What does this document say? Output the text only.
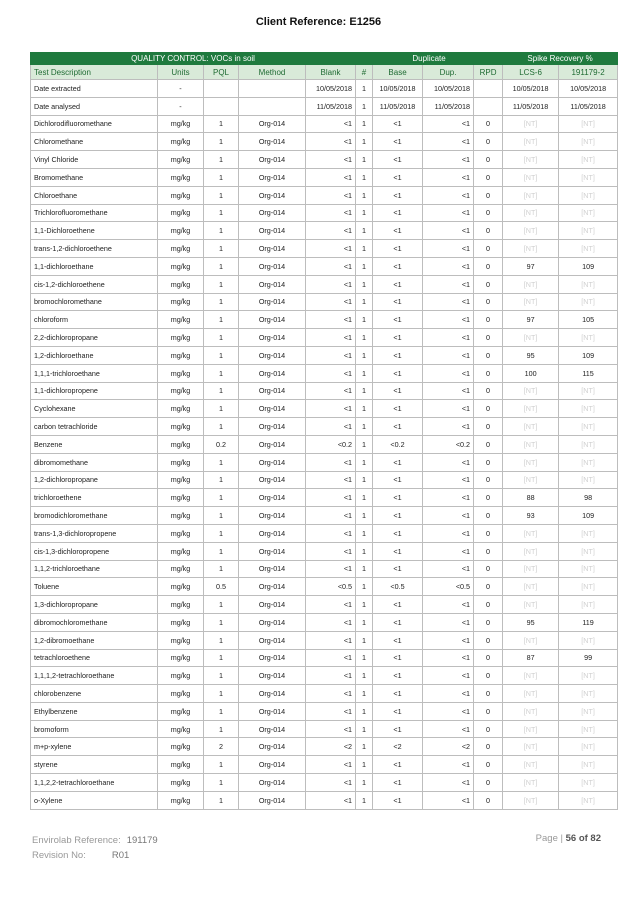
Client Reference: E1256
QUALITY CONTROL: VOCs in soil					Duplicate				Spike Recovery %	
Test Description	Units	PQL	Method	Blank	#	Base	Dup.	RPD	LCS-6	191179-2
Date extracted	-			10/05/2018	1	10/05/2018	10/05/2018		10/05/2018	10/05/2018
Date analysed	-			11/05/2018	1	11/05/2018	11/05/2018		11/05/2018	11/05/2018
Dichlorodifluoromethane	mg/kg	1	Org-014	<1	1	<1	<1	0	[NT]	[NT]
Chloromethane	mg/kg	1	Org-014	<1	1	<1	<1	0	[NT]	[NT]
Vinyl Chloride	mg/kg	1	Org-014	<1	1	<1	<1	0	[NT]	[NT]
Bromomethane	mg/kg	1	Org-014	<1	1	<1	<1	0	[NT]	[NT]
Chloroethane	mg/kg	1	Org-014	<1	1	<1	<1	0	[NT]	[NT]
Trichlorofluoromethane	mg/kg	1	Org-014	<1	1	<1	<1	0	[NT]	[NT]
1,1-Dichloroethene	mg/kg	1	Org-014	<1	1	<1	<1	0	[NT]	[NT]
trans-1,2-dichloroethene	mg/kg	1	Org-014	<1	1	<1	<1	0	[NT]	[NT]
1,1-dichloroethane	mg/kg	1	Org-014	<1	1	<1	<1	0	97	109
cis-1,2-dichloroethene	mg/kg	1	Org-014	<1	1	<1	<1	0	[NT]	[NT]
bromochloromethane	mg/kg	1	Org-014	<1	1	<1	<1	0	[NT]	[NT]
chloroform	mg/kg	1	Org-014	<1	1	<1	<1	0	97	105
2,2-dichloropropane	mg/kg	1	Org-014	<1	1	<1	<1	0	[NT]	[NT]
1,2-dichloroethane	mg/kg	1	Org-014	<1	1	<1	<1	0	95	109
1,1,1-trichloroethane	mg/kg	1	Org-014	<1	1	<1	<1	0	100	115
1,1-dichloropropene	mg/kg	1	Org-014	<1	1	<1	<1	0	[NT]	[NT]
Cyclohexane	mg/kg	1	Org-014	<1	1	<1	<1	0	[NT]	[NT]
carbon tetrachloride	mg/kg	1	Org-014	<1	1	<1	<1	0	[NT]	[NT]
Benzene	mg/kg	0.2	Org-014	<0.2	1	<0.2	<0.2	0	[NT]	[NT]
dibromomethane	mg/kg	1	Org-014	<1	1	<1	<1	0	[NT]	[NT]
1,2-dichloropropane	mg/kg	1	Org-014	<1	1	<1	<1	0	[NT]	[NT]
trichloroethene	mg/kg	1	Org-014	<1	1	<1	<1	0	88	98
bromodichloromethane	mg/kg	1	Org-014	<1	1	<1	<1	0	93	109
trans-1,3-dichloropropene	mg/kg	1	Org-014	<1	1	<1	<1	0	[NT]	[NT]
cis-1,3-dichloropropene	mg/kg	1	Org-014	<1	1	<1	<1	0	[NT]	[NT]
1,1,2-trichloroethane	mg/kg	1	Org-014	<1	1	<1	<1	0	[NT]	[NT]
Toluene	mg/kg	0.5	Org-014	<0.5	1	<0.5	<0.5	0	[NT]	[NT]
1,3-dichloropropane	mg/kg	1	Org-014	<1	1	<1	<1	0	[NT]	[NT]
dibromochloromethane	mg/kg	1	Org-014	<1	1	<1	<1	0	95	119
1,2-dibromoethane	mg/kg	1	Org-014	<1	1	<1	<1	0	[NT]	[NT]
tetrachloroethene	mg/kg	1	Org-014	<1	1	<1	<1	0	87	99
1,1,1,2-tetrachloroethane	mg/kg	1	Org-014	<1	1	<1	<1	0	[NT]	[NT]
chlorobenzene	mg/kg	1	Org-014	<1	1	<1	<1	0	[NT]	[NT]
Ethylbenzene	mg/kg	1	Org-014	<1	1	<1	<1	0	[NT]	[NT]
bromoform	mg/kg	1	Org-014	<1	1	<1	<1	0	[NT]	[NT]
m+p-xylene	mg/kg	2	Org-014	<2	1	<2	<2	0	[NT]	[NT]
styrene	mg/kg	1	Org-014	<1	1	<1	<1	0	[NT]	[NT]
1,1,2,2-tetrachloroethane	mg/kg	1	Org-014	<1	1	<1	<1	0	[NT]	[NT]
o-Xylene	mg/kg	1	Org-014	<1	1	<1	<1	0	[NT]	[NT]
Envirolab Reference: 191179
Revision No:	R01
Page | 56 of 82
